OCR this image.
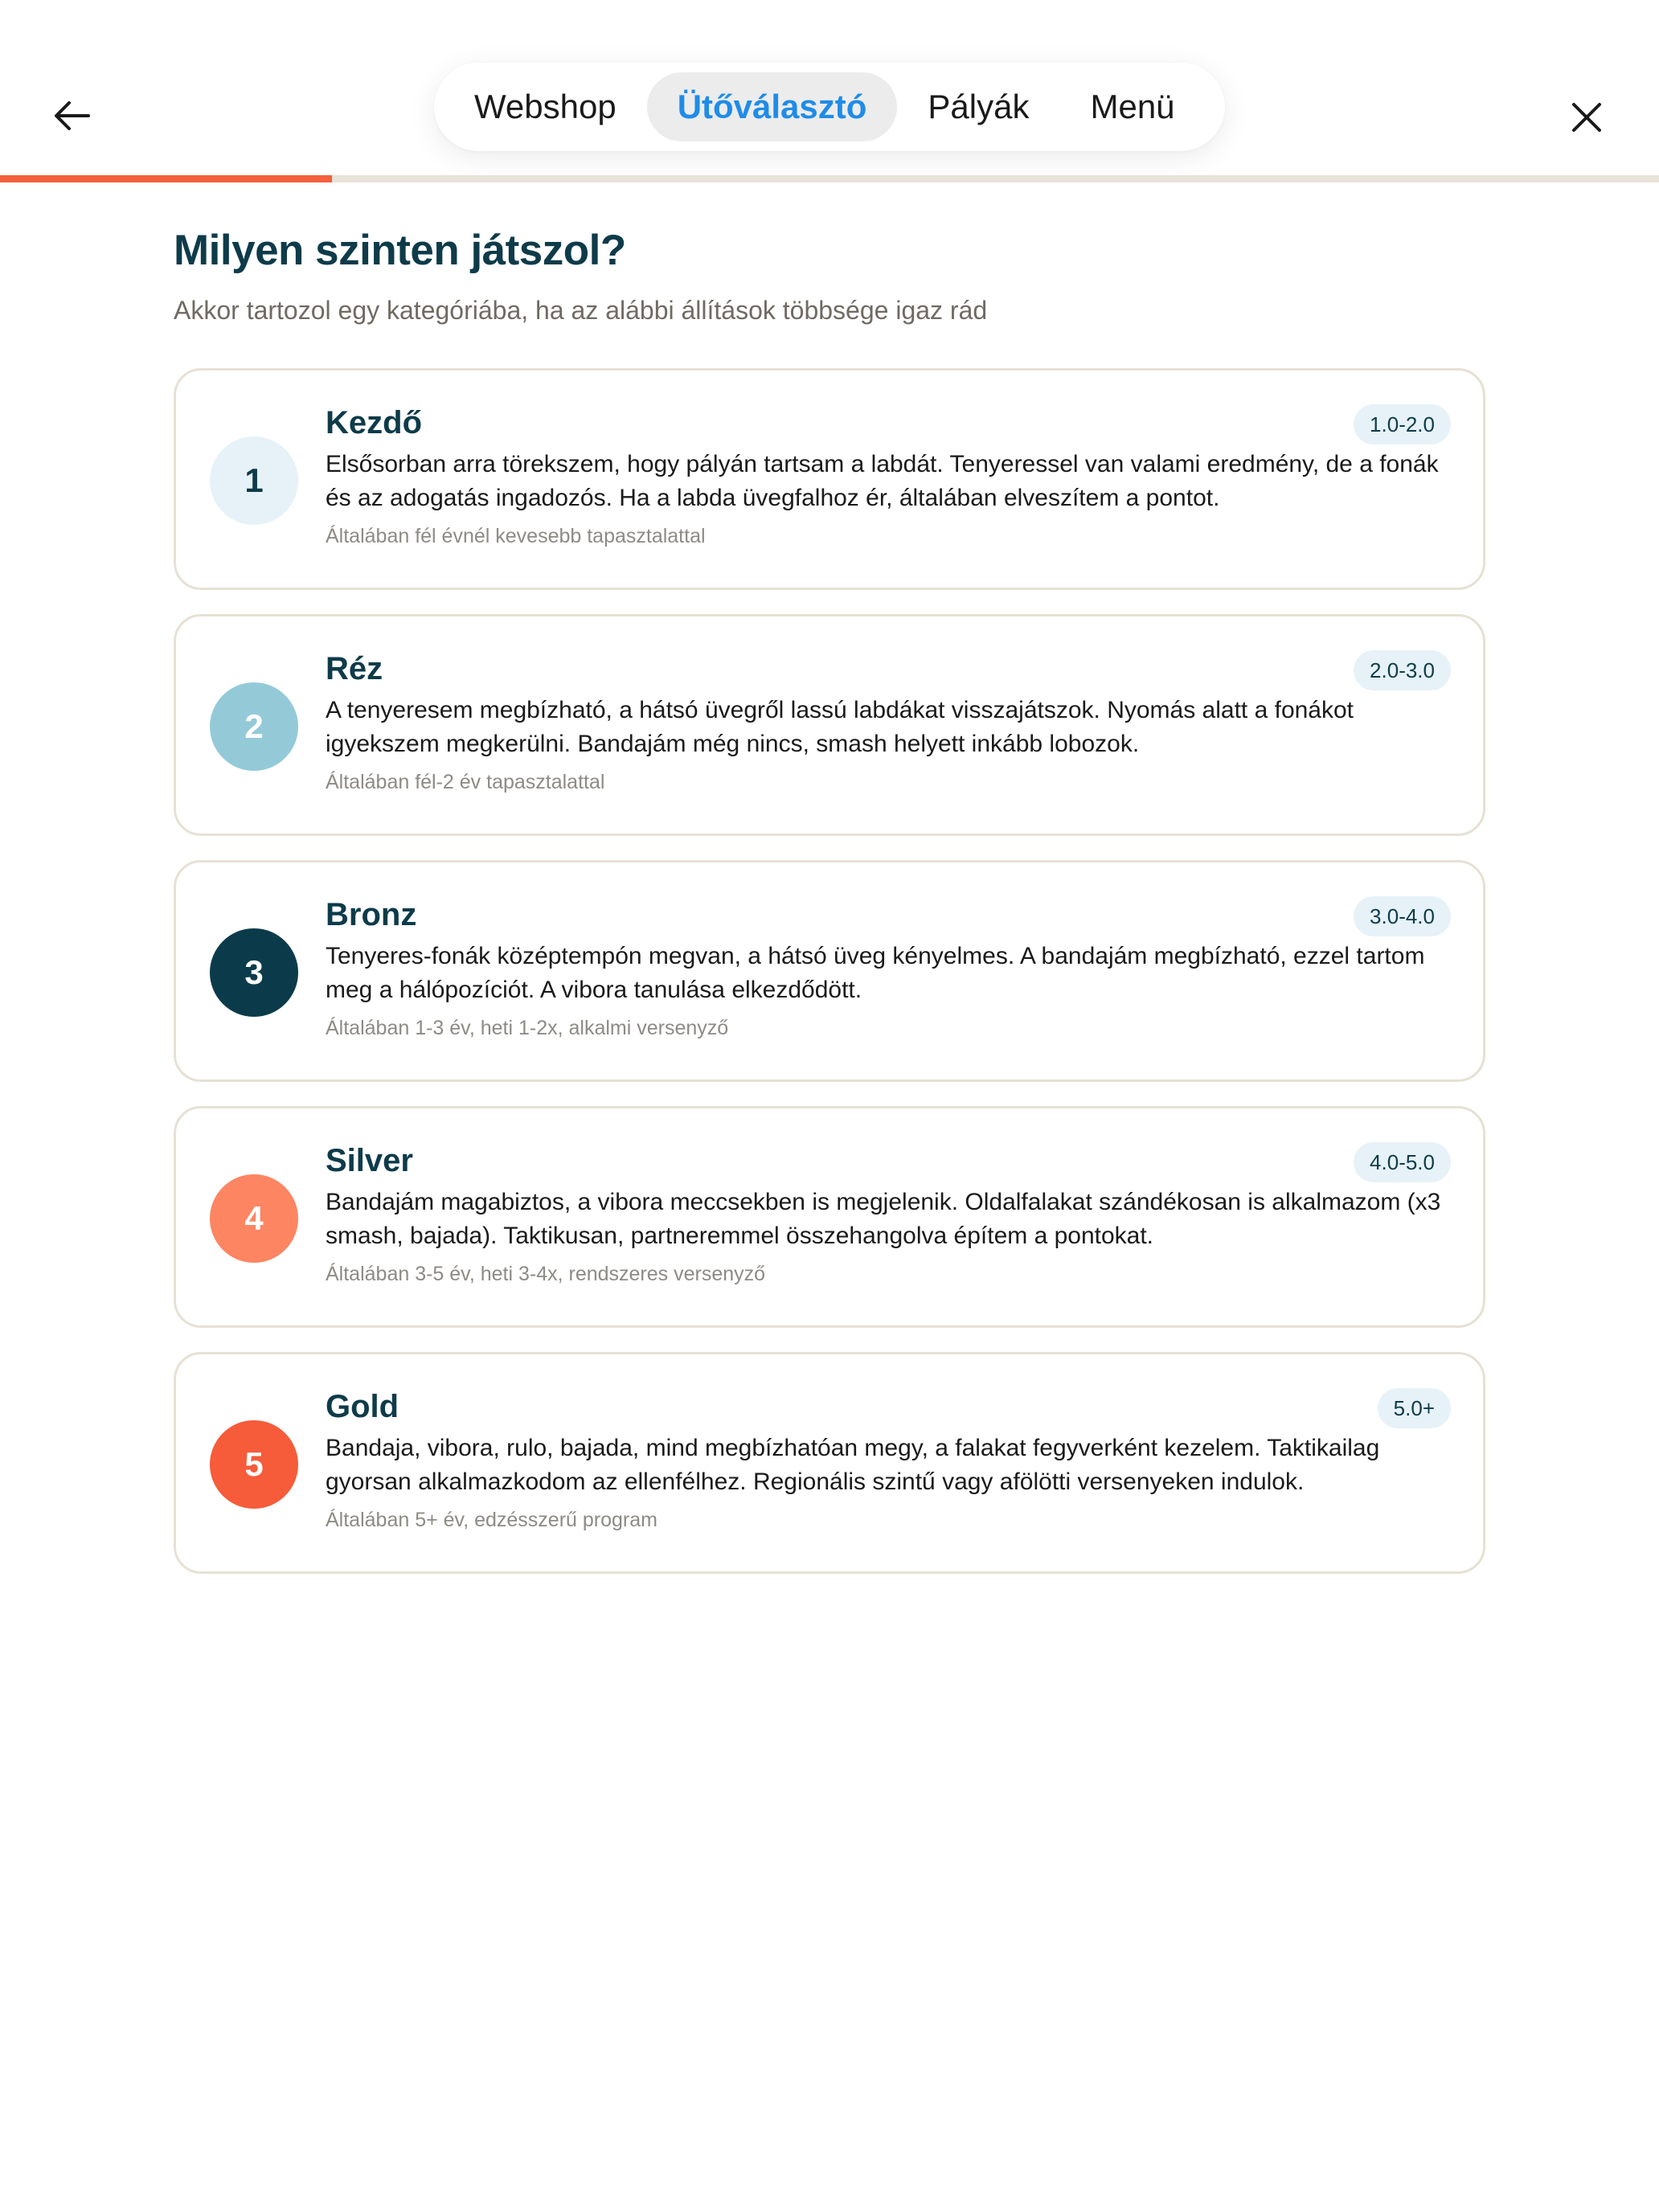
Webshop	Ütőválasztó	Pályák	Menü
Milyen szinten játszol?
Akkor tartozol egy kategóriába, ha az alábbi állítások többsége igaz rád
1
Kezdő
Elsősorban arra törekszem, hogy pályán tartsam a labdát. Tenyeressel van valami eredmény, de a fonák és az adogatás ingadozós. Ha a labda üvegfalhoz ér, általában elveszítem a pontot.
Általában fél évnél kevesebb tapasztalattal
1.0-2.0
2
Réz
A tenyeresem megbízható, a hátsó üvegről lassú labdákat visszajátszok. Nyomás alatt a fonákot igyekszem megkerülni. Bandajám még nincs, smash helyett inkább lobozok.
Általában fél-2 év tapasztalattal
2.0-3.0
3
Bronz
Tenyeres-fonák középtempón megvan, a hátsó üveg kényelmes. A bandajám megbízható, ezzel tartom meg a hálópozíciót. A vibora tanulása elkezdődött.
Általában 1-3 év, heti 1-2x, alkalmi versenyző
3.0-4.0
4
Silver
Bandajám magabiztos, a vibora meccsekben is megjelenik. Oldalfalakat szándékosan is alkalmazom (x3 smash, bajada). Taktikusan, partneremmel összehangolva építem a pontokat.
Általában 3-5 év, heti 3-4x, rendszeres versenyző
4.0-5.0
5
Gold
Bandaja, vibora, rulo, bajada, mind megbízhatóan megy, a falakat fegyverként kezelem. Taktikailag gyorsan alkalmazkodom az ellenfélhez. Regionális szintű vagy afölötti versenyeken indulok.
Általában 5+ év, edzésszerű program
5.0+
